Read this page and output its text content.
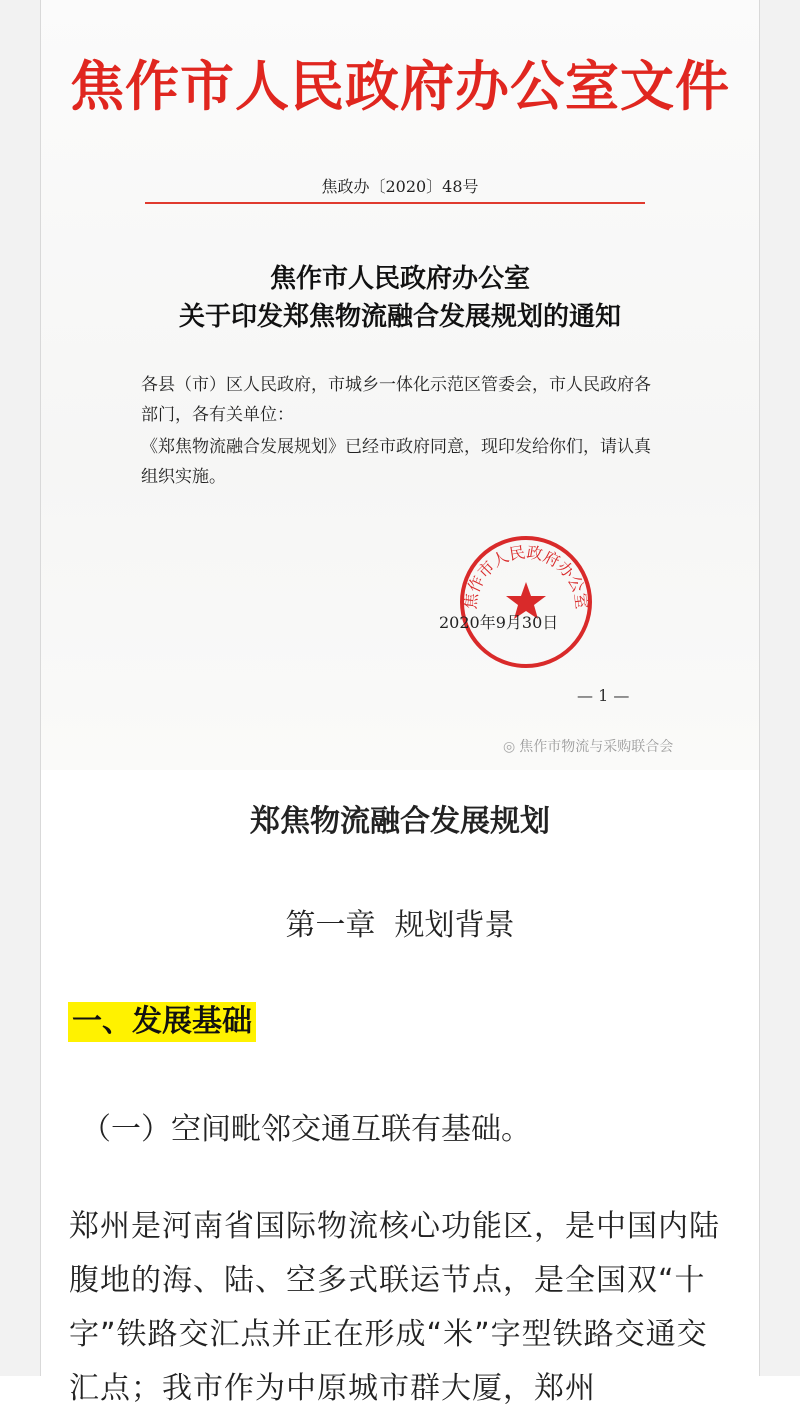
焦作市人民政府办公室文件
焦政办〔2020〕48号
焦作市人民政府办公室
关于印发郑焦物流融合发展规划的通知
各县（市）区人民政府，市城乡一体化示范区管委会，市人民政府各部门，各有关单位：
《郑焦物流融合发展规划》已经市政府同意，现印发给你们，请认真组织实施。
焦作市人民政府办公室
2020年9月30日
— 1 —
◎ 焦作市物流与采购联合会
郑焦物流融合发展规划
第一章  规划背景
一、发展基础
（一）空间毗邻交通互联有基础。
郑州是河南省国际物流核心功能区，是中国内陆腹地的海、陆、空多式联运节点，是全国双“十字”铁路交汇点并正在形成“米”字型铁路交通交汇点；我市作为中原城市群大厦，郑州
